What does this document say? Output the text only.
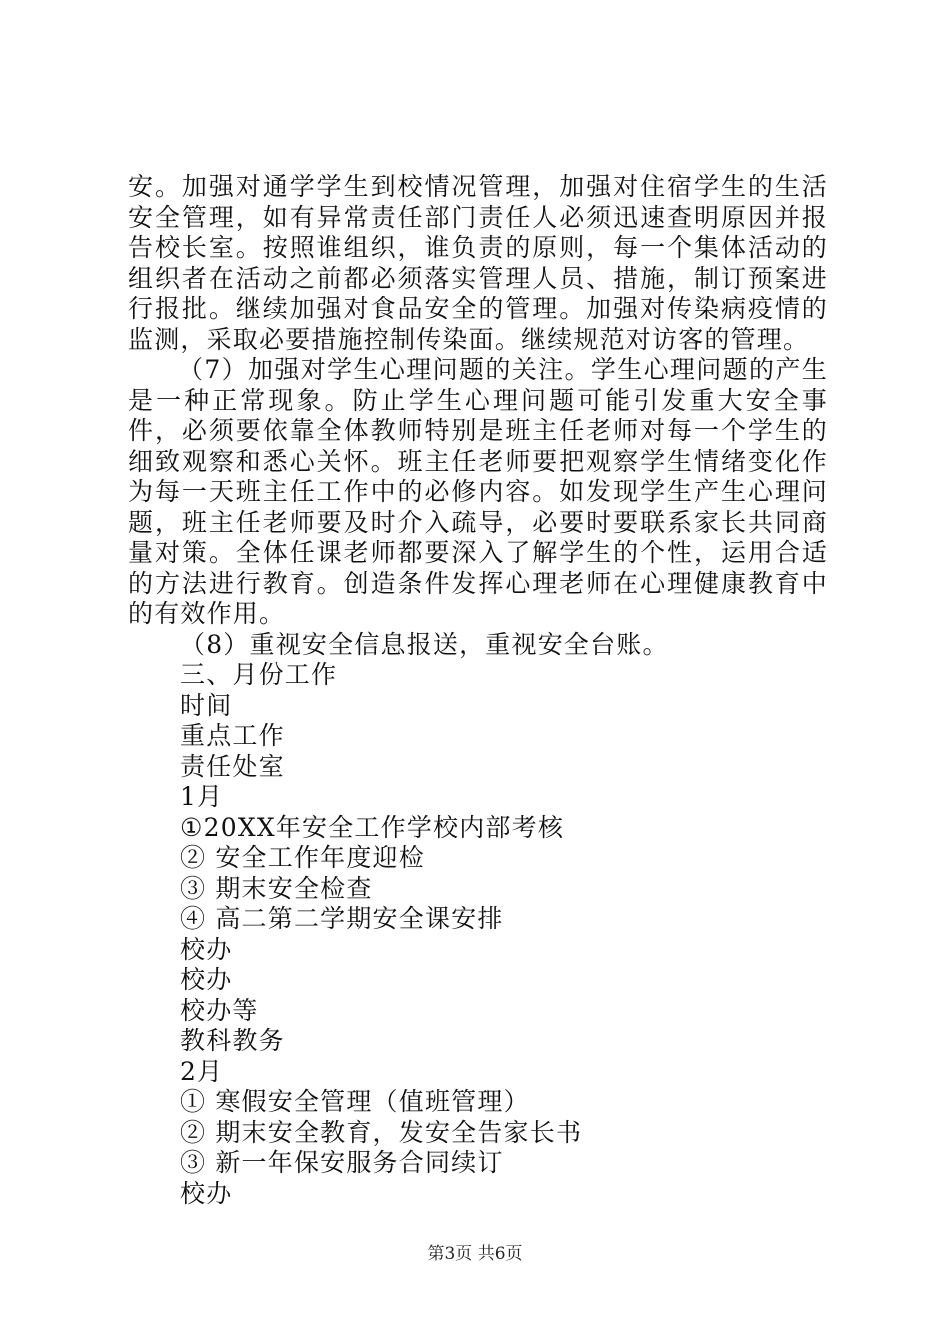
安。加强对通学学生到校情况管理，加强对住宿学生的生活安全管理，如有异常责任部门责任人必须迅速查明原因并报告校长室。按照谁组织，谁负责的原则，每一个集体活动的组织者在活动之前都必须落实管理人员、措施，制订预案进行报批。继续加强对食品安全的管理。加强对传染病疫情的监测，采取必要措施控制传染面。继续规范对访客的管理。

（7）加强对学生心理问题的关注。学生心理问题的产生是一种正常现象。防止学生心理问题可能引发重大安全事件，必须要依靠全体教师特别是班主任老师对每一个学生的细致观察和悉心关怀。班主任老师要把观察学生情绪变化作为每一天班主任工作中的必修内容。如发现学生产生心理问题，班主任老师要及时介入疏导，必要时要联系家长共同商量对策。全体任课老师都要深入了解学生的个性，运用合适的方法进行教育。创造条件发挥心理老师在心理健康教育中的有效作用。

（8）重视安全信息报送，重视安全台账。
三、月份工作
时间
重点工作
责任处室
1月
①20XX年安全工作学校内部考核
② 安全工作年度迎检
③ 期末安全检查
④ 高二第二学期安全课安排
校办
校办
校办等
教科教务
2月
① 寒假安全管理（值班管理）
② 期末安全教育，发安全告家长书
③ 新一年保安服务合同续订
校办
第3页 共6页
